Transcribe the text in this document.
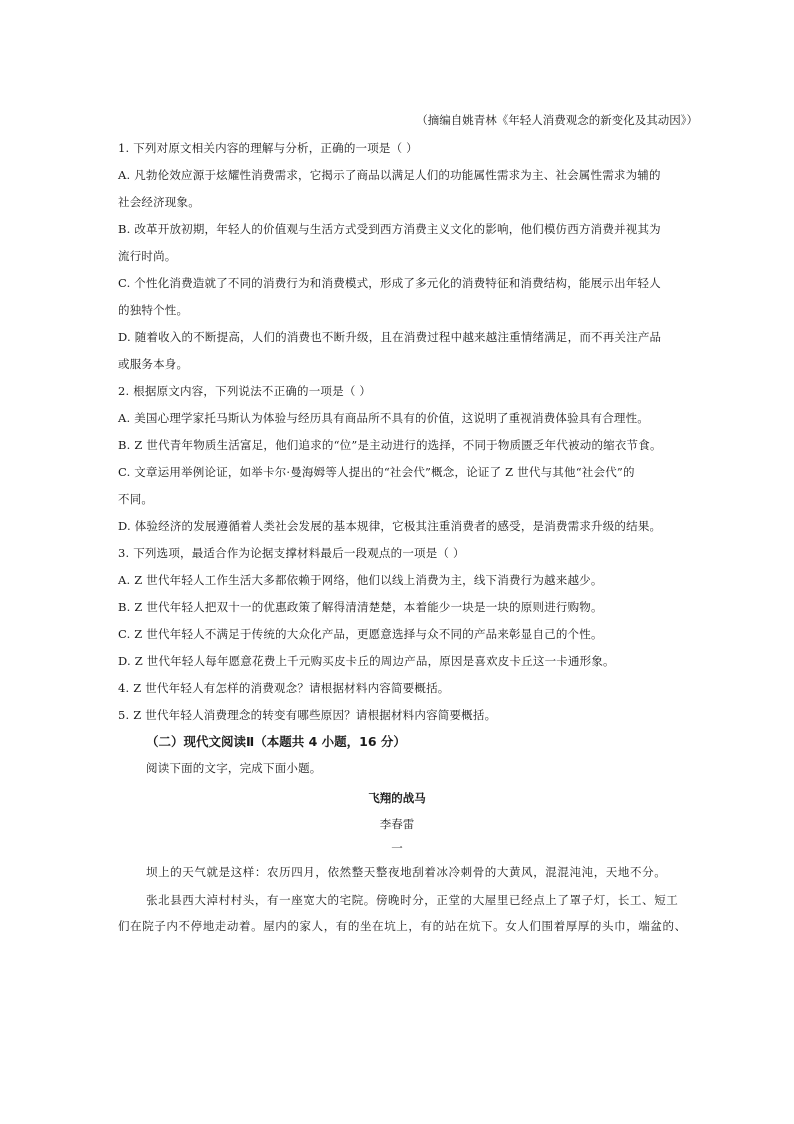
（摘编自姚青林《年轻人消费观念的新变化及其动因》）
1. 下列对原文相关内容的理解与分析，正确的一项是（ ）
A. 凡勃伦效应源于炫耀性消费需求，它揭示了商品以满足人们的功能属性需求为主、社会属性需求为辅的
社会经济现象。
B. 改革开放初期，年轻人的价值观与生活方式受到西方消费主义文化的影响，他们模仿西方消费并视其为
流行时尚。
C. 个性化消费造就了不同的消费行为和消费模式，形成了多元化的消费特征和消费结构，能展示出年轻人
的独特个性。
D. 随着收入的不断提高，人们的消费也不断升级，且在消费过程中越来越注重情绪满足，而不再关注产品
或服务本身。
2. 根据原文内容，下列说法不正确的一项是（ ）
A. 美国心理学家托马斯认为体验与经历具有商品所不具有的价值，这说明了重视消费体验具有合理性。
B. Z 世代青年物质生活富足，他们追求的“位”是主动进行的选择，不同于物质匮乏年代被动的缩衣节食。
C. 文章运用举例论证，如举卡尔·曼海姆等人提出的“社会代”概念，论证了 Z 世代与其他“社会代”的
不同。
D. 体验经济的发展遵循着人类社会发展的基本规律，它极其注重消费者的感受，是消费需求升级的结果。
3. 下列选项，最适合作为论据支撑材料最后一段观点的一项是（ ）
A. Z 世代年轻人工作生活大多都依赖于网络，他们以线上消费为主，线下消费行为越来越少。
B. Z 世代年轻人把双十一的优惠政策了解得清清楚楚，本着能少一块是一块的原则进行购物。
C. Z 世代年轻人不满足于传统的大众化产品，更愿意选择与众不同的产品来彰显自己的个性。
D. Z 世代年轻人每年愿意花费上千元购买皮卡丘的周边产品，原因是喜欢皮卡丘这一卡通形象。
4. Z 世代年轻人有怎样的消费观念？请根据材料内容简要概括。
5. Z 世代年轻人消费理念的转变有哪些原因？请根据材料内容简要概括。
（二）现代文阅读Ⅱ（本题共 4 小题，16 分）
阅读下面的文字，完成下面小题。
飞翔的战马
李春雷
一
坝上的天气就是这样：农历四月，依然整天整夜地刮着冰冷刺骨的大黄风，混混沌沌，天地不分。
张北县西大淖村村头，有一座宽大的宅院。傍晚时分，正堂的大屋里已经点上了罩子灯，长工、短工
们在院子内不停地走动着。屋内的家人，有的坐在坑上，有的站在炕下。女人们围着厚厚的头巾，端盆的、
